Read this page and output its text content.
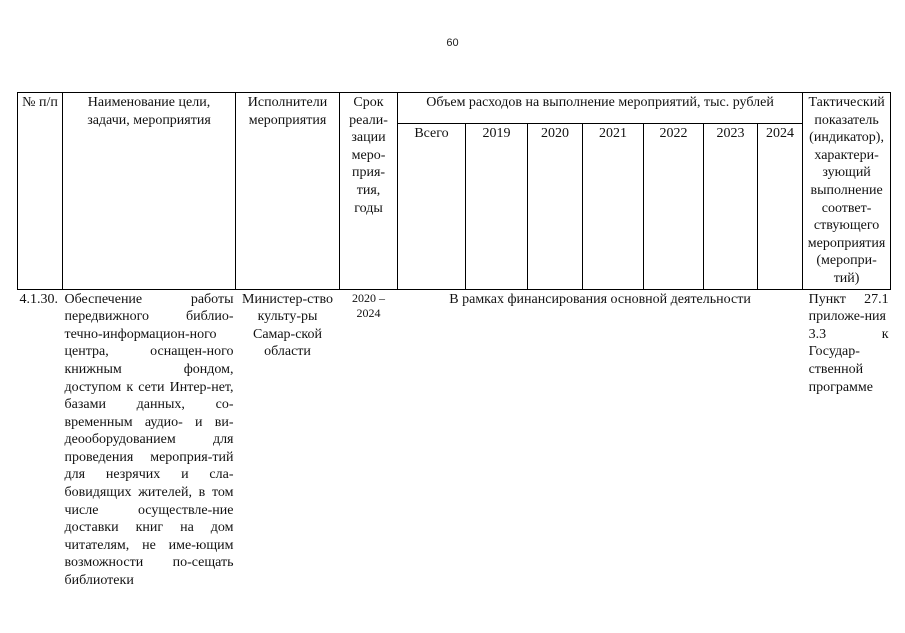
60
№ п/п	Наименование цели, задачи, мероприятия	Исполнители мероприятия	Срок реали-зации меро-прия-тия, годы	Объем расходов на выполнение мероприятий, тыс. рублей							Тактический показатель (индикатор), характери-зующий выполнение соответ-ствующего мероприятия (меропри-тий)
				Всего	2019	2020	2021	2022	2023	2024	
4.1.30.	Обеспечение работы передвижного библио-течно-информацион-ного центра, оснащен-ного книжным фондом, доступом к сети Интер-нет, базами данных, со-временным аудио- и ви-деооборудованием для проведения мероприя-тий для незрячих и сла-бовидящих жителей, в том числе осуществле-ние доставки книг на дом читателям, не име-ющим возможности по-сещать библиотеки	Министер-ство культу-ры Самар-ской области	2020 – 2024	В рамках финансирования основной деятельности							Пункт 27.1 приложе-ния 3.3 к Государ-ственной программе
